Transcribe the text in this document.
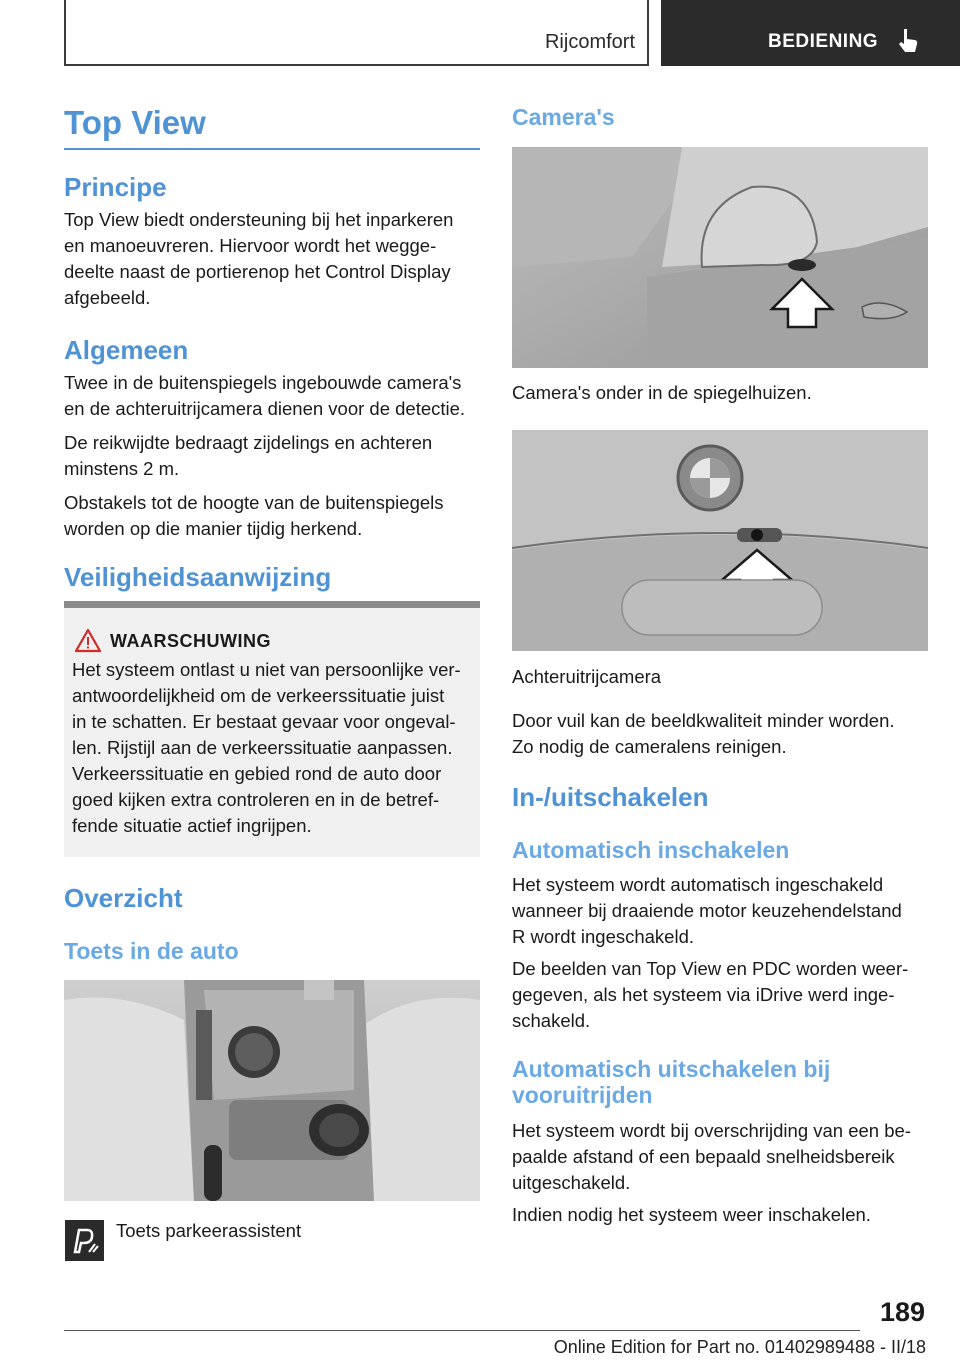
Rijcomfort	BEDIENING
Top View
Principe

Top View biedt ondersteuning bij het inparkeren

en manoeuvreren. Hiervoor wordt het wegge-

deelte naast de portierenop het Control Display

afgebeeld.

Algemeen

Twee in de buitenspiegels ingebouwde camera's

en de achteruitrijcamera dienen voor de detectie.

De reikwijdte bedraagt zijdelings en achteren

minstens 2 m.

Obstakels tot de hoogte van de buitenspiegels

worden op die manier tijdig herkend.

Veiligheidsaanwijzing
WAARSCHUWING
Het systeem ontlast u niet van persoonlijke ver-
antwoordelijkheid om de verkeerssituatie juist
in te schatten. Er bestaat gevaar voor ongeval-
len. Rijstijl aan de verkeerssituatie aanpassen.
Verkeerssituatie en gebied rond de auto door
goed kijken extra controleren en in de betref-
fende situatie actief ingrijpen.
Overzicht
Toets in de auto

Toets parkeerassistent

Camera's

Camera's onder in de spiegelhuizen.

Achteruitrijcamera

Door vuil kan de beeldkwaliteit minder worden.

Zo nodig de cameralens reinigen.

In-/uitschakelen
Automatisch inschakelen

Het systeem wordt automatisch ingeschakeld

wanneer bij draaiende motor keuzehendelstand

R wordt ingeschakeld.

De beelden van Top View en PDC worden weer-

gegeven, als het systeem via iDrive werd inge-

schakeld.

Automatisch uitschakelen bij
vooruitrijden

Het systeem wordt bij overschrijding van een be-

paalde afstand of een bepaald snelheidsbereik

uitgeschakeld.

Indien nodig het systeem weer inschakelen.

189
Online Edition for Part no. 01402989488 - II/18
